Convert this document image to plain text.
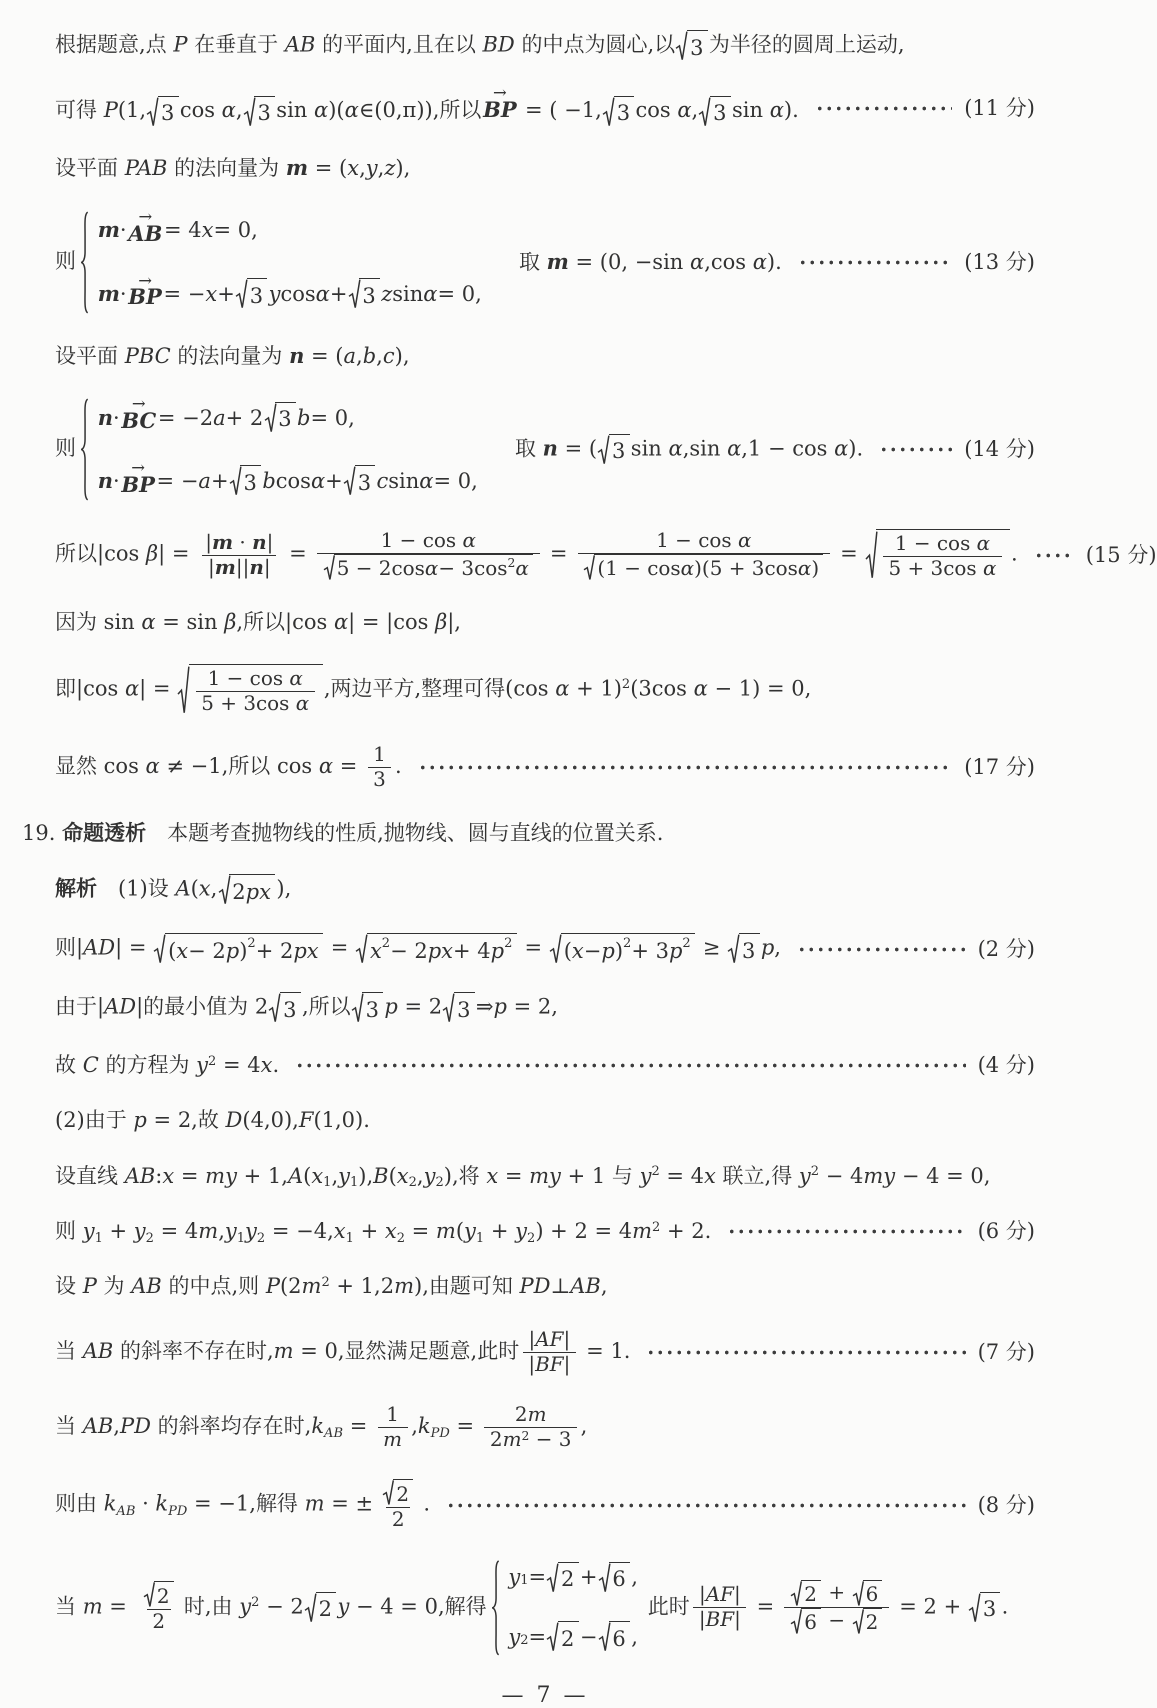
根据题意,点 P 在垂直于 AB 的平面内,且在以 BD 的中点为圆心,以 3 为半径的圆周上运动,
可得 P(1, 3 cos α, 3 sin α)(α∈(0,π)),所以
→
BP = ( −1, 3 cos α, 3 sin α).	(11 分)
设平面 PAB 的法向量为 m = (x,y,z),
则
m ·
→
AB = 4 x = 0,
m ·
→
BP = − x + 3 y cos α + 3 z sin α = 0,
取 m = (0, −sin α,cos α).	(13 分)
设平面 PBC 的法向量为 n = (a,b,c),
则
n ·
→
BC = −2 a + 2 3 b = 0,
n ·
→
BP = − a + 3 b cos α + 3 c sin α = 0,
取 n = ( 3 sin α,sin α,1 − cos α).	(14 分)
所以|cos $\beta| = \frac{|m \cdot n|}{|m||n|} = \frac{\text{1 − cos α}}{5 - 2\cos \alpha - 3\cos^2 \alpha} = \frac{\text{1 − cos α}}{\text{(1 − cos α )(5 + 3cos α )}} = \frac{\text{1 − cos α}}{\text{5 + 3cos α}}$ .	(15 分)
因为 sin α = sin β,所以|cos α| = |cos β|,
即|cos $\alpha| = \frac{\text{1 − cos α}}{\text{5 + 3cos α}}$ ,两边平方,整理可得(cos α + 1)$^2$(3cos α − 1) = 0,
显然 cos α ≠ −1,所以 $\cos \alpha = \frac{1}{3}$ .	(17 分)
19. 命题透析　本题考查抛物线的性质,抛物线、圆与直线的位置关系.
解析　(1)设 A(x, 2 px ),
则|AD| = ( x − 2 p )$^2$ + 2 px = $x^2 - 2$ px + 4 $p^2$ = ( x − p )$^2$ + 3 $p^2 \ge 3$ p,	(2 分)
由于|AD|的最小值为 2 3 ,所以 3 p = 2 3 ⇒p = 2,
故 C 的方程为 $y^2 = 4x$.	(4 分)
(2)由于 p = 2,故 D(4,0),F(1,0).
设直线 AB:x = my + $1,A(x_1,y_1),B(x_2,y_2)$,将 x = my + 1 与 $y^2 = 4x$ 联立,得 $y^2 - 4my - 4 = 0$,
则 $y_1 + y_2 = 4m,y_1y_2 = -4,x_1 + x_2 = m(y_1 + y_2) + 2 = 4m^2 + 2$.	(6 分)
设 P 为 AB 的中点,则 $P(2m^2 + 1,2m)$,由题可知 PD⊥AB,
当 AB 的斜率不存在时,m = 0,显然满足题意,此时 $\frac{|AF|}{|BF|} = 1$.	(7 分)
当 AB,PD 的斜率均存在时$,k_{AB} = \frac{1}{m} ,k_{PD} = \frac{2m}{2m^2 - 3}$ ,
则由 $k_{AB} \cdot k_{PD} = -1$,解得 m = ± $\frac{2}{2}$ .	(8 分)
当 $m = \frac{2}{2}$ 时,由 $y^2 - 2$ 2 y − 4 = 0,解得
$y_1 = 2 + 6$ ,
$y_2 = 2 - 6$ ,
此时 $\frac{|AF|}{|BF|} = \frac{2 + 6}{6 - 2} = 2 + 3$ .
— 7 —
